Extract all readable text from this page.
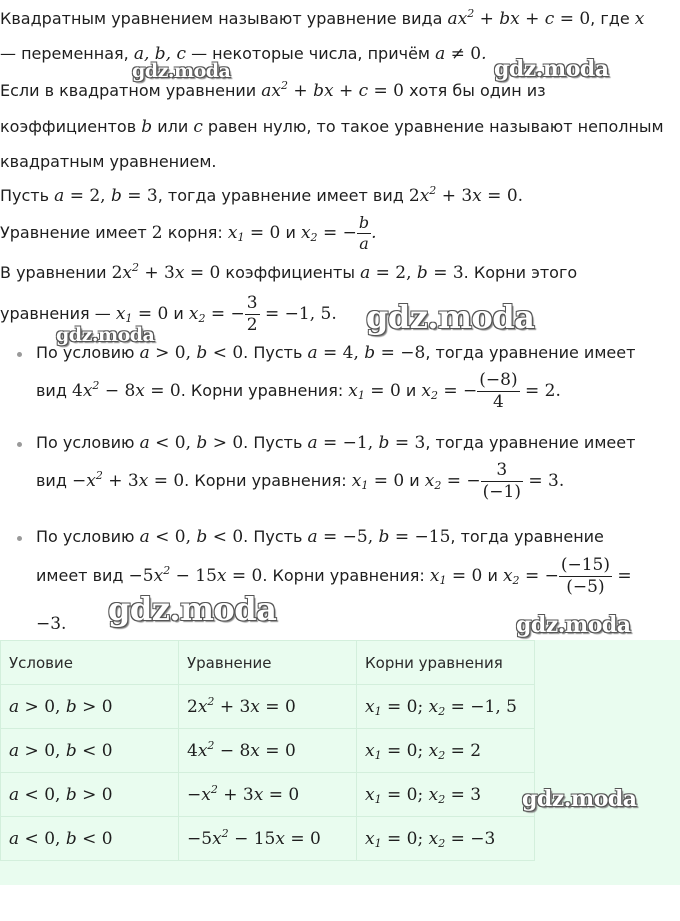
Квадратным уравнением называют уравнение вида $ax^2$ + bx + c = 0, где x
— переменная, a, b, c — некоторые числа, причём a ≠ 0.
Если в квадратном уравнении $ax^2$ + bx + c = 0 хотя бы один из
коэффициентов b или c равен нулю, то такое уравнение называют неполным
квадратным уравнением.
Пусть a = 2, b = 3, тогда уравнение имеет вид $2x^2 + 3x = 0$.
Уравнение имеет 2 корня: $x_1 = 0$ и $x_2$ = − $\frac{b}{a}$ .
В уравнении $2x^2 + 3x = 0$ коэффициенты a = 2, b = 3. Корни этого
уравнения — $x_1 = 0$ и $x_2$ = − $\frac{3}{2} = -1$, 5.
По условию a > 0, b < 0. Пусть a = 4, b = −8, тогда уравнение имеет
вид $4x^2 - 8x = 0$. Корни уравнения: $x_1 = 0$ и $x_2$ = − $\frac{(-8)}{4} = 2$.
По условию a < 0, b > 0. Пусть a = −1, b = 3, тогда уравнение имеет
вид $-x^2 + 3x = 0$. Корни уравнения: $x_1 = 0$ и $x_2$ = − $\frac{3}{(-1)} = 3$.
По условию a < 0, b < 0. Пусть a = −5, b = −15, тогда уравнение
имеет вид $-5x^2 - 15x = 0$. Корни уравнения: $x_1 = 0$ и $x_2$ = − $\frac{(-15)}{(-5)}$ =
−3.
Условие	Уравнение	Корни уравнения
a > 0, b > 0	$2x^2 + 3x = 0$	$x_1 = 0$; $x_2 = -1$, 5
a > 0, b < 0	$4x^2 - 8x = 0$	$x_1 = 0$; $x_2 = 2$
a < 0, b > 0	$-x^2 + 3x = 0$	$x_1 = 0$; $x_2 = 3$
a < 0, b < 0	$-5x^2 - 15x = 0$	$x_1 = 0$; $x_2 = -3$
gdz.moda	gdz.moda
gdz.moda
gdz.moda
gdz.moda	gdz.moda
gdz.moda
